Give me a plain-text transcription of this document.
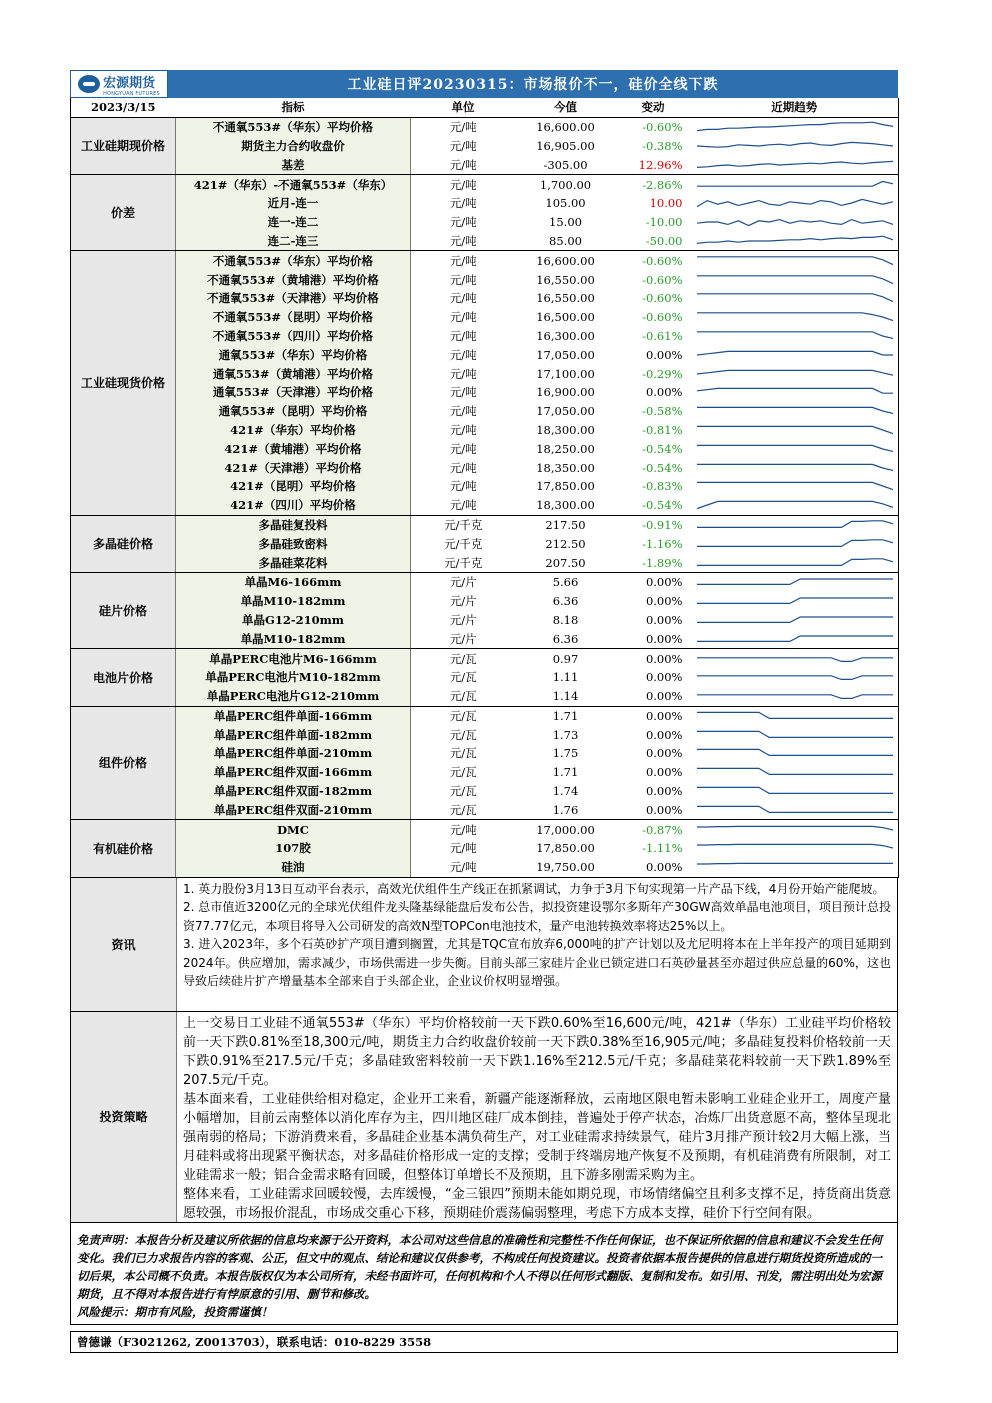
宏源期货
HONGYUAN FUTURES
工业硅日评20230315：市场报价不一，硅价全线下跌
2023/3/15	指标	单位	今值	变动	近期趋势
工业硅期现价格	不通氧553#（华东）平均价格	元/吨	16,600.00	-0.60%	

	期货主力合约收盘价	元/吨	16,905.00	-0.38%	

	基差	元/吨	-305.00	12.96%	

价差	421#（华东）-不通氧553#（华东）	元/吨	1,700.00	-2.86%	

	近月-连一	元/吨	105.00	10.00	

	连一-连二	元/吨	15.00	-10.00	

	连二-连三	元/吨	85.00	-50.00	

工业硅现货价格	不通氧553#（华东）平均价格	元/吨	16,600.00	-0.60%	

	不通氧553#（黄埔港）平均价格	元/吨	16,550.00	-0.60%	

	不通氧553#（天津港）平均价格	元/吨	16,550.00	-0.60%	

	不通氧553#（昆明）平均价格	元/吨	16,500.00	-0.60%	

	不通氧553#（四川）平均价格	元/吨	16,300.00	-0.61%	

	通氧553#（华东）平均价格	元/吨	17,050.00	0.00%	

	通氧553#（黄埔港）平均价格	元/吨	17,100.00	-0.29%	

	通氧553#（天津港）平均价格	元/吨	16,900.00	0.00%	

	通氧553#（昆明）平均价格	元/吨	17,050.00	-0.58%	

	421#（华东）平均价格	元/吨	18,300.00	-0.81%	

	421#（黄埔港）平均价格	元/吨	18,250.00	-0.54%	

	421#（天津港）平均价格	元/吨	18,350.00	-0.54%	

	421#（昆明）平均价格	元/吨	17,850.00	-0.83%	

	421#（四川）平均价格	元/吨	18,300.00	-0.54%	

多晶硅价格	多晶硅复投料	元/千克	217.50	-0.91%	

	多晶硅致密料	元/千克	212.50	-1.16%	

	多晶硅菜花料	元/千克	207.50	-1.89%	

硅片价格	单晶M6-166mm	元/片	5.66	0.00%	

	单晶M10-182mm	元/片	6.36	0.00%	

	单晶G12-210mm	元/片	8.18	0.00%	

	单晶M10-182mm	元/片	6.36	0.00%	

电池片价格	单晶PERC电池片M6-166mm	元/瓦	0.97	0.00%	

	单晶PERC电池片M10-182mm	元/瓦	1.11	0.00%	

	单晶PERC电池片G12-210mm	元/瓦	1.14	0.00%	

组件价格	单晶PERC组件单面-166mm	元/瓦	1.71	0.00%	

	单晶PERC组件单面-182mm	元/瓦	1.73	0.00%	

	单晶PERC组件单面-210mm	元/瓦	1.75	0.00%	

	单晶PERC组件双面-166mm	元/瓦	1.71	0.00%	

	单晶PERC组件双面-182mm	元/瓦	1.74	0.00%	

	单晶PERC组件双面-210mm	元/瓦	1.76	0.00%	

有机硅价格	DMC	元/吨	17,000.00	-0.87%	

	107胶	元/吨	17,850.00	-1.11%	

	硅油	元/吨	19,750.00	0.00%	
资讯
1. 英力股份3月13日互动平台表示，高效光伏组件生产线正在抓紧调试，力争于3月下旬实现第一片产品下线，4月份开始产能爬坡。
2. 总市值近3200亿元的全球光伏组件龙头隆基绿能盘后发布公告，拟投资建设鄂尔多斯年产30GW高效单晶电池项目，项目预计总投资77.77亿元，本项目将导入公司研发的高效N型TOPCon电池技术，量产电池转换效率将达25%以上。
3. 进入2023年，多个石英砂扩产项目遭到搁置，尤其是TQC宣布放弃6,000吨的扩产计划以及尤尼明将本在上半年投产的项目延期到2024年。供应增加，需求减少，市场供需进一步失衡。目前头部三家硅片企业已锁定进口石英砂量甚至亦超过供应总量的60%，这也导致后续硅片扩产增量基本全部来自于头部企业，企业议价权明显增强。
投资策略
上一交易日工业硅不通氧553#（华东）平均价格较前一天下跌0.60%至16,600元/吨，421#（华东）工业硅平均价格较前一天下跌0.81%至18,300元/吨，期货主力合约收盘价较前一天下跌0.38%至16,905元/吨；多晶硅复投料价格较前一天下跌0.91%至217.5元/千克；多晶硅致密料较前一天下跌1.16%至212.5元/千克；多晶硅菜花料较前一天下跌1.89%至207.5元/千克。
基本面来看，工业硅供给相对稳定，企业开工来看，新疆产能逐渐释放，云南地区限电暂未影响工业硅企业开工，周度产量小幅增加，目前云南整体以消化库存为主，四川地区硅厂成本倒挂，普遍处于停产状态，冶炼厂出货意愿不高，整体呈现北强南弱的格局；下游消费来看，多晶硅企业基本满负荷生产，对工业硅需求持续景气，硅片3月排产预计较2月大幅上涨，当月硅料或将出现紧平衡状态，对多晶硅价格形成一定的支撑；受制于终端房地产恢复不及预期，有机硅消费有所限制，对工业硅需求一般；铝合金需求略有回暖，但整体订单增长不及预期，且下游多刚需采购为主。
整体来看，工业硅需求回暖较慢，去库缓慢，“金三银四”预期未能如期兑现，市场情绪偏空且利多支撑不足，持货商出货意愿较强，市场报价混乱，市场成交重心下移，预期硅价震荡偏弱整理，考虑下方成本支撑，硅价下行空间有限。
免责声明：本报告分析及建议所依据的信息均来源于公开资料，本公司对这些信息的准确性和完整性不作任何保证，也不保证所依据的信息和建议不会发生任何变化。我们已力求报告内容的客观、公正，但文中的观点、结论和建议仅供参考，不构成任何投资建议。投资者依据本报告提供的信息进行期货投资所造成的一切后果，本公司概不负责。本报告版权仅为本公司所有，未经书面许可，任何机构和个人不得以任何形式翻版、复制和发布。如引用、刊发，需注明出处为宏源期货，且不得对本报告进行有悖原意的引用、删节和修改。
风险提示：期市有风险，投资需谨慎！
曾德谦（F3021262, Z0013703），联系电话：010-8229 3558
